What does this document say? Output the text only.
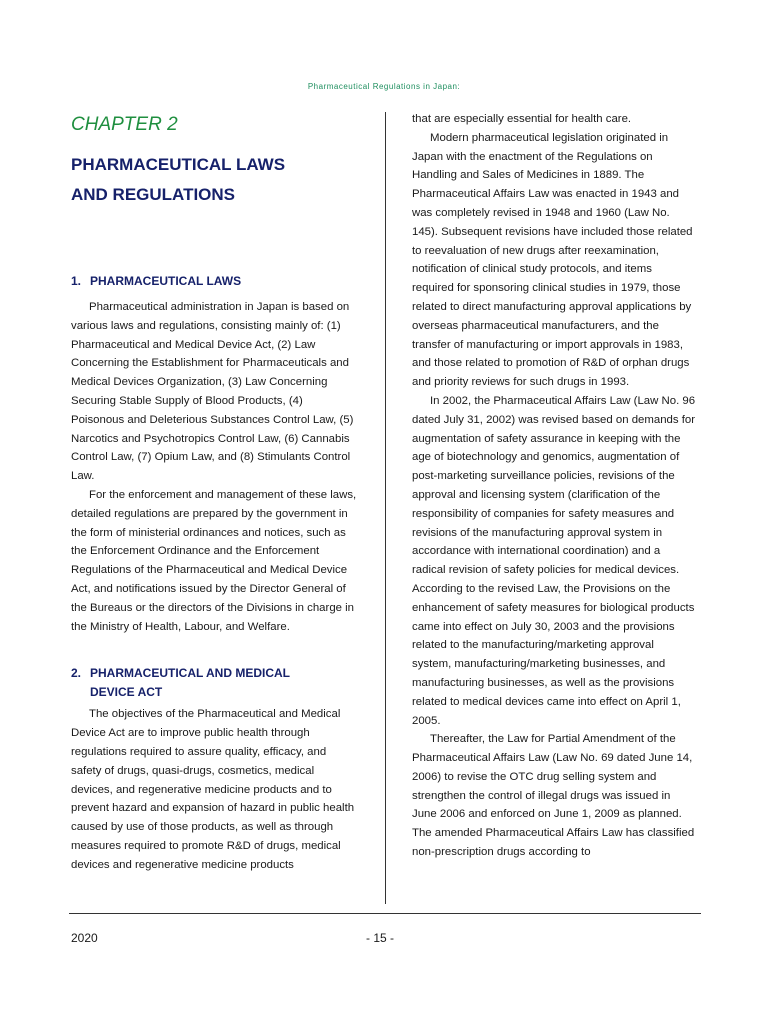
Pharmaceutical Regulations in Japan:
CHAPTER 2
PHARMACEUTICAL LAWS
AND REGULATIONS
1. PHARMACEUTICAL LAWS

Pharmaceutical administration in Japan is based on various laws and regulations, consisting mainly of: (1) Pharmaceutical and Medical Device Act, (2) Law Concerning the Establishment for Pharmaceuticals and Medical Devices Organization, (3) Law Concerning Securing Stable Supply of Blood Products, (4) Poisonous and Deleterious Substances Control Law, (5) Narcotics and Psychotropics Control Law, (6) Cannabis Control Law, (7) Opium Law, and (8) Stimulants Control Law.

For the enforcement and management of these laws, detailed regulations are prepared by the government in the form of ministerial ordinances and notices, such as the Enforcement Ordinance and the Enforcement Regulations of the Pharmaceutical and Medical Device Act, and notifications issued by the Director General of the Bureaus or the directors of the Divisions in charge in the Ministry of Health, Labour, and Welfare.

2. PHARMACEUTICAL AND MEDICAL
DEVICE ACT

The objectives of the Pharmaceutical and Medical Device Act are to improve public health through regulations required to assure quality, efficacy, and safety of drugs, quasi-drugs, cosmetics, medical devices, and regenerative medicine products and to prevent hazard and expansion of hazard in public health caused by use of those products, as well as through measures required to promote R&D of drugs, medical devices and regenerative medicine products

that are especially essential for health care.

Modern pharmaceutical legislation originated in Japan with the enactment of the Regulations on Handling and Sales of Medicines in 1889. The Pharmaceutical Affairs Law was enacted in 1943 and was completely revised in 1948 and 1960 (Law No. 145). Subsequent revisions have included those related to reevaluation of new drugs after reexamination, notification of clinical study protocols, and items required for sponsoring clinical studies in 1979, those related to direct manufacturing approval applications by overseas pharmaceutical manufacturers, and the transfer of manufacturing or import approvals in 1983, and those related to promotion of R&D of orphan drugs and priority reviews for such drugs in 1993.

In 2002, the Pharmaceutical Affairs Law (Law No. 96 dated July 31, 2002) was revised based on demands for augmentation of safety assurance in keeping with the age of biotechnology and genomics, augmentation of post-marketing surveillance policies, revisions of the approval and licensing system (clarification of the responsibility of companies for safety measures and revisions of the manufacturing approval system in accordance with international coordination) and a radical revision of safety policies for medical devices. According to the revised Law, the Provisions on the enhancement of safety measures for biological products came into effect on July 30, 2003 and the provisions related to the manufacturing/marketing approval system, manufacturing/marketing businesses, and manufacturing businesses, as well as the provisions related to medical devices came into effect on April 1, 2005.

Thereafter, the Law for Partial Amendment of the Pharmaceutical Affairs Law (Law No. 69 dated June 14, 2006) to revise the OTC drug selling system and strengthen the control of illegal drugs was issued in June 2006 and enforced on June 1, 2009 as planned. The amended Pharmaceutical Affairs Law has classified non-prescription drugs according to

2020	- 15 -
